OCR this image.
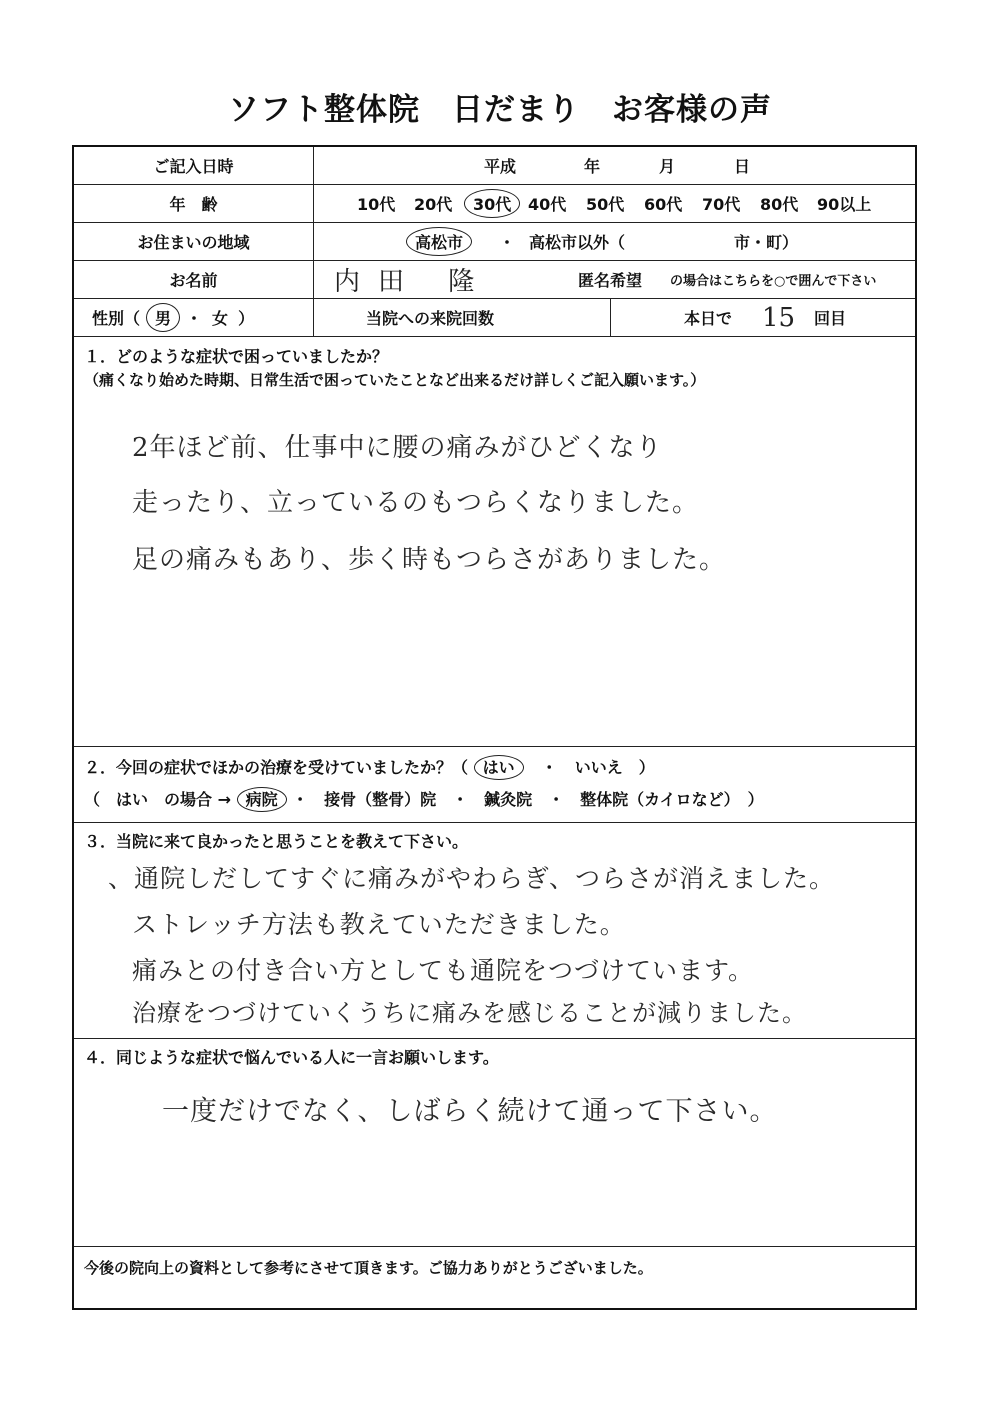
ソフト整体院　日だまり　お客様の声
ご記入日時	平成	年	月	日
年　齢	10代 20代	30代	40代 50代 60代 70代 80代 90以上
お住まいの地域	高松市	・ 高松市以外（	市・町）
お名前	内田 隆	匿名希望 の場合はこちらを○で囲んで下さい
性別（ 男 ・ 女 ）	当院への来院回数	本日で 15 回目
１．どのような症状で困っていましたか？
（痛くなり始めた時期、日常生活で困っていたことなど出来るだけ詳しくご記入願います。）
2年ほど前、仕事中に腰の痛みがひどくなり
走ったり、立っているのもつらくなりました。
足の痛みもあり、歩く時もつらさがありました。
２．今回の症状でほかの治療を受けていましたか？（ はい ・ いいえ　）
（　はい　の場合 → 病院 ・　接骨（整骨）院　・　鍼灸院　・　整体院（カイロなど）　）
３．当院に来て良かったと思うことを教えて下さい。
、通院しだしてすぐに痛みがやわらぎ、つらさが消えました。
ストレッチ方法も教えていただきました。
痛みとの付き合い方としても通院をつづけています。
治療をつづけていくうちに痛みを感じることが減りました。
４．同じような症状で悩んでいる人に一言お願いします。
一度だけでなく、しばらく続けて通って下さい。
今後の院向上の資料として参考にさせて頂きます。ご協力ありがとうございました。
